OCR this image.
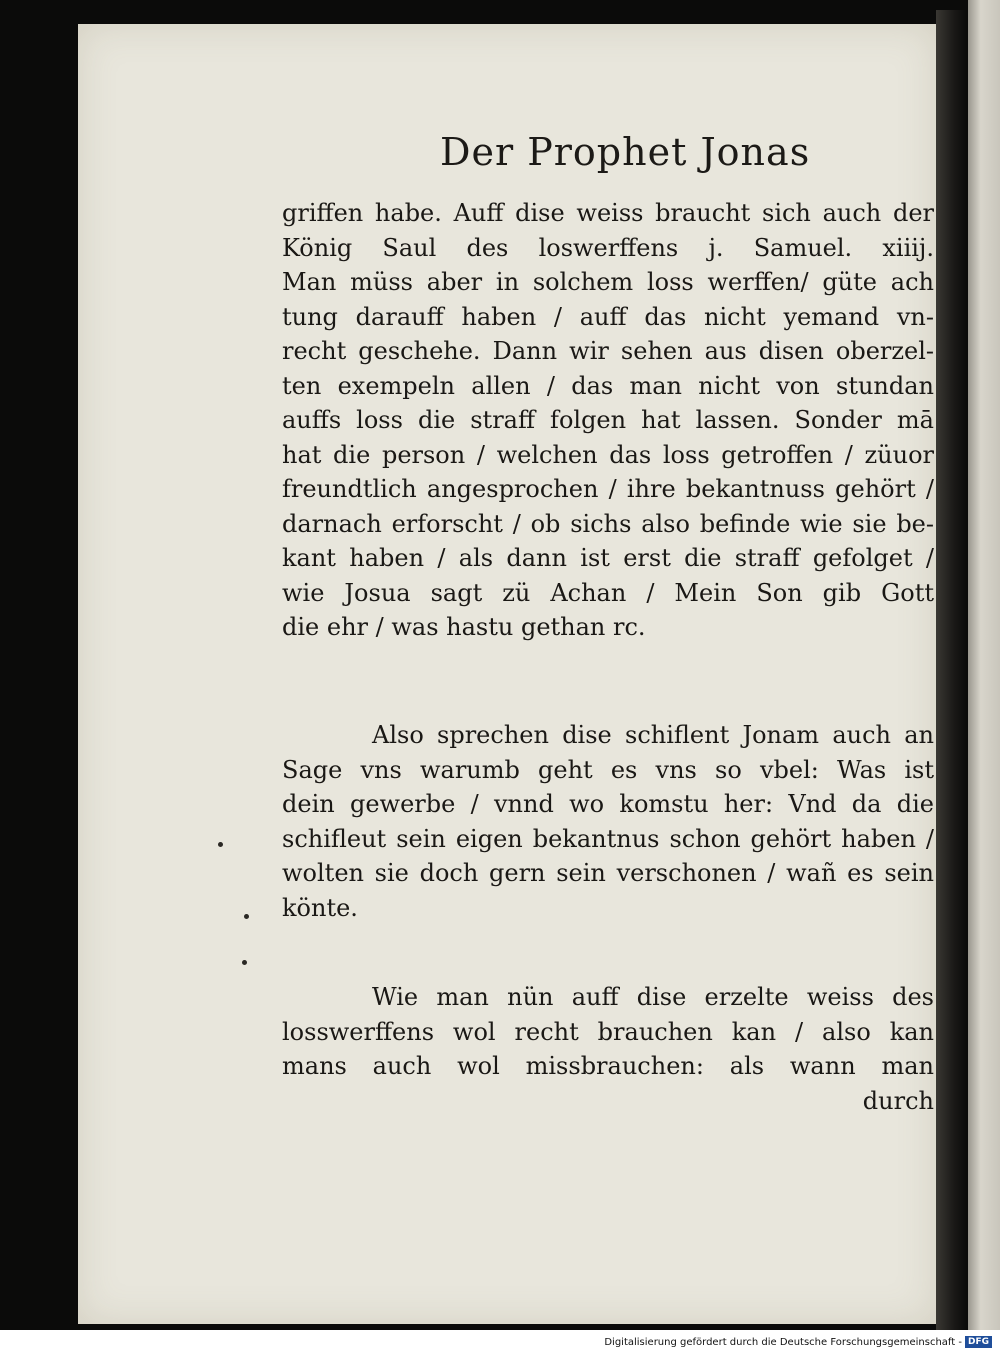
Der Prophet Jonas
griffen habe. Auff dise weiss braucht sich auch der
König Saul des loswerffens j. Samuel. xiiij.
Man müss aber in solchem loss werffen/ güte ach
tung darauff haben / auff das nicht yemand vn-
recht geschehe. Dann wir sehen aus disen oberzel-
ten exempeln allen / das man nicht von stundan
auffs loss die straff folgen hat lassen. Sonder mā
hat die person / welchen das loss getroffen / züuor
freundtlich angesprochen / ihre bekantnuss gehört /
darnach erforscht / ob sichs also befinde wie sie be-
kant haben / als dann ist erst die straff gefolget /
wie Josua sagt zü Achan / Mein Son gib Gott
die ehr / was hastu gethan rc.
Also sprechen dise schiflent Jonam auch an
Sage vns warumb geht es vns so vbel: Was ist
dein gewerbe / vnnd wo komstu her: Vnd da die
schifleut sein eigen bekantnus schon gehört haben /
wolten sie doch gern sein verschonen / wañ es sein
könte.
Wie man nün auff dise erzelte weiss des
losswerffens wol recht brauchen kan / also kan
mans auch wol missbrauchen: als wann man
durch
Digitalisierung gefördert durch die Deutsche Forschungsgemeinschaft - DFG
